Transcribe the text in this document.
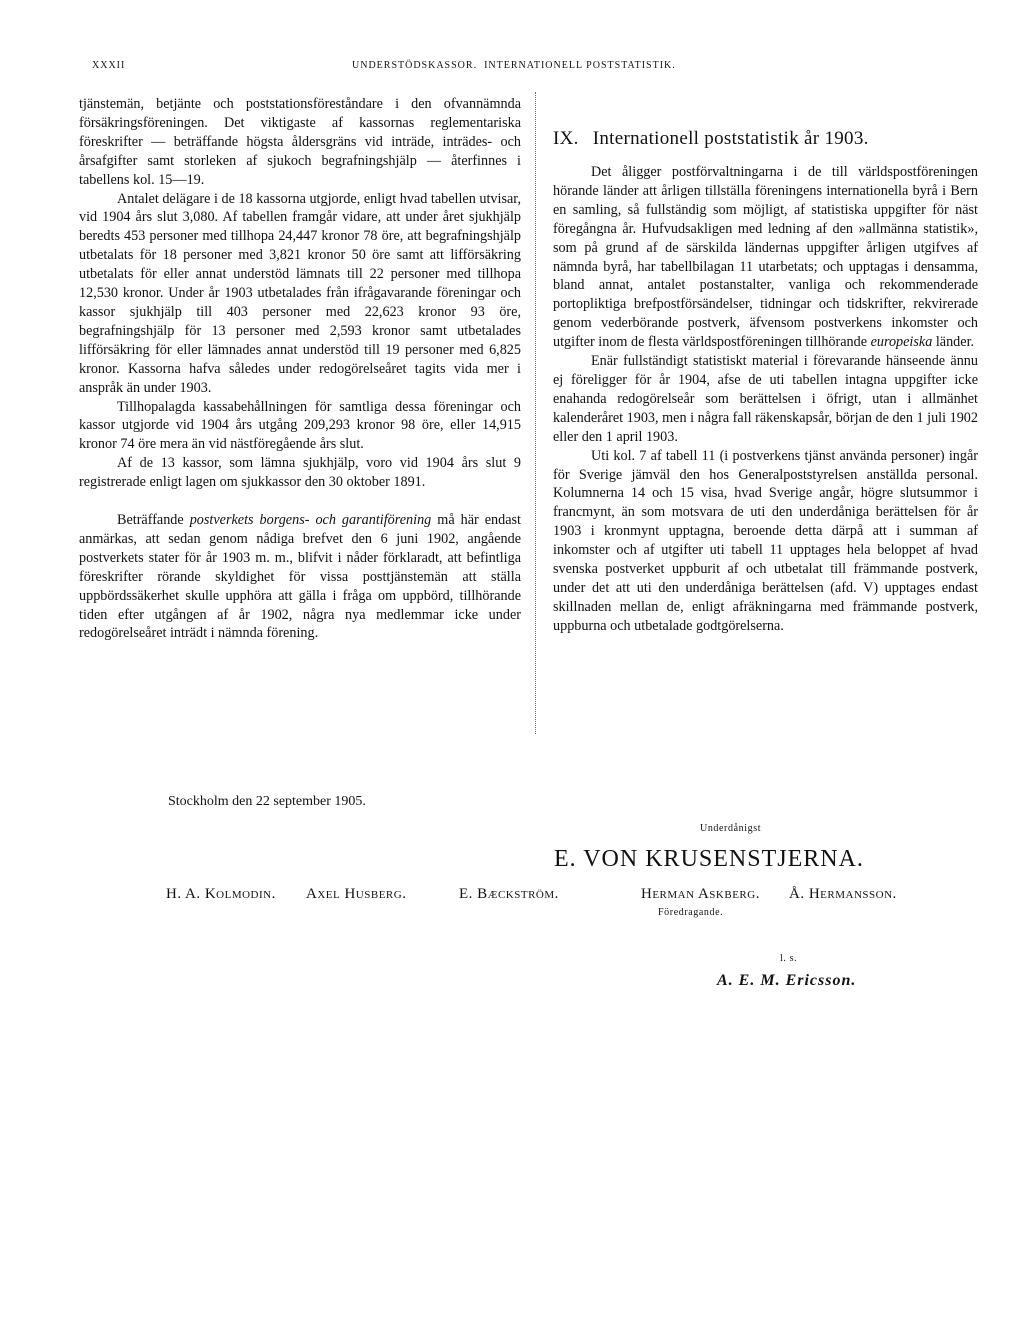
XXXII	UNDERSTÖDSKASSOR.  INTERNATIONELL POSTSTATISTIK.

tjänstemän, betjänte och poststationsföreståndare i den ofvannämnda försäkringsföreningen. Det viktigaste af kassornas reglementariska föreskrifter — beträffande högsta åldersgräns vid inträde, inträdes- och årsafgifter samt storleken af sjukoch begrafningshjälp — återfinnes i tabellens kol. 15—19.

Antalet delägare i de 18 kassorna utgjorde, enligt hvad tabellen utvisar, vid 1904 års slut 3,080. Af tabellen framgår vidare, att under året sjukhjälp beredts 453 personer med tillhopa 24,447 kronor 78 öre, att begrafningshjälp utbetalats för 18 personer med 3,821 kronor 50 öre samt att lifförsäkring utbetalats för eller annat understöd lämnats till 22 personer med tillhopa 12,530 kronor. Under år 1903 utbetalades från ifrågavarande föreningar och kassor sjukhjälp till 403 personer med 22,623 kronor 93 öre, begrafningshjälp för 13 personer med 2,593 kronor samt utbetalades lifförsäkring för eller lämnades annat understöd till 19 personer med 6,825 kronor. Kassorna hafva således under redogörelseåret tagits vida mer i anspråk än under 1903.

Tillhopalagda kassabehållningen för samtliga dessa föreningar och kassor utgjorde vid 1904 års utgång 209,293 kronor 98 öre, eller 14,915 kronor 74 öre mera än vid nästföregående års slut.

Af de 13 kassor, som lämna sjukhjälp, voro vid 1904 års slut 9 registrerade enligt lagen om sjukkassor den 30 oktober 1891.

Beträffande postverkets borgens- och garantiförening må här endast anmärkas, att sedan genom nådiga brefvet den 6 juni 1902, angående postverkets stater för år 1903 m. m., blifvit i nåder förklaradt, att befintliga föreskrifter rörande skyldighet för vissa posttjänstemän att ställa uppbördssäkerhet skulle upphöra att gälla i fråga om uppbörd, tillhörande tiden efter utgången af år 1902, några nya medlemmar icke under redogörelseåret inträdt i nämnda förening.

IX. Internationell poststatistik år 1903.

Det åligger postförvaltningarna i de till världspostföreningen hörande länder att årligen tillställa föreningens internationella byrå i Bern en samling, så fullständig som möjligt, af statistiska uppgifter för näst föregångna år. Hufvudsakligen med ledning af den »allmänna statistik», som på grund af de särskilda ländernas uppgifter årligen utgifves af nämnda byrå, har tabellbilagan 11 utarbetats; och upptagas i densamma, bland annat, antalet postanstalter, vanliga och rekommenderade portopliktiga brefpostförsändelser, tidningar och tidskrifter, rekvirerade genom vederbörande postverk, äfvensom postverkens inkomster och utgifter inom de flesta världspostföreningen tillhörande europeiska länder.

Enär fullständigt statistiskt material i förevarande hänseende ännu ej föreligger för år 1904, afse de uti tabellen intagna uppgifter icke enahanda redogörelseår som berättelsen i öfrigt, utan i allmänhet kalenderåret 1903, men i några fall räkenskapsår, början de den 1 juli 1902 eller den 1 april 1903.

Uti kol. 7 af tabell 11 (i postverkens tjänst använda personer) ingår för Sverige jämväl den hos Generalpoststyrelsen anställda personal. Kolumnerna 14 och 15 visa, hvad Sverige angår, högre slutsummor i francmynt, än som motsvara de uti den underdåniga berättelsen för år 1903 i kronmynt upptagna, beroende detta därpå att i summan af inkomster och af utgifter uti tabell 11 upptages hela beloppet af hvad svenska postverket uppburit af och utbetalat till främmande postverk, under det att uti den underdåniga berättelsen (afd. V) upptages endast skillnaden mellan de, enligt afräkningarna med främmande postverk, uppburna och utbetalade godtgörelserna.

Stockholm den 22 september 1905.
Underdånigst
E. VON KRUSENSTJERNA.
H. A. Kolmodin. Axel Husberg.	E. Bæckström.	Herman Askberg. Å. Hermansson.
Föredragande.
l. s.
A. E. M. Ericsson.
